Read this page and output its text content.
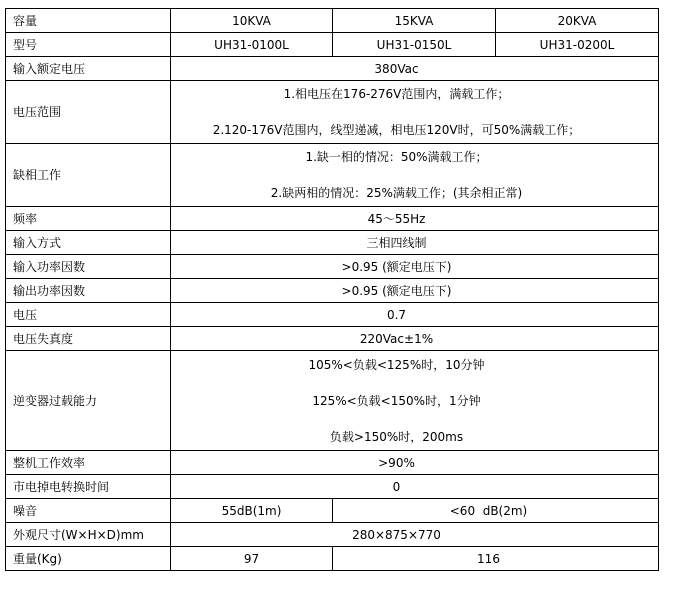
容量	10KVA	15KVA	20KVA
型号	UH31-0100L	UH31-0150L	UH31-0200L
输入额定电压	380Vac		
电压范围	1.相电压在176-276V范围内，满载工作；

2.120-176V范围内，线型递减，相电压120V时，可50%满载工作；		
缺相工作	1.缺一相的情况：50%满载工作；

2.缺两相的情况：25%满载工作；(其余相正常)		
频率	45～55Hz		
输入方式	三相四线制		
输入功率因数	>0.95 (额定电压下)		
输出功率因数	>0.95 (额定电压下)		
电压	0.7		
电压失真度	220Vac±1%		
逆变器过载能力	105%<负载<125%时，10分钟

125%<负载<150%时，1分钟

负载>150%时，200ms		
整机工作效率	>90%		
市电掉电转换时间	0		
噪音	55dB(1m)	<60  dB(2m)	
外观尺寸(W×H×D)mm	280×875×770		
重量(Kg)	97	116	
